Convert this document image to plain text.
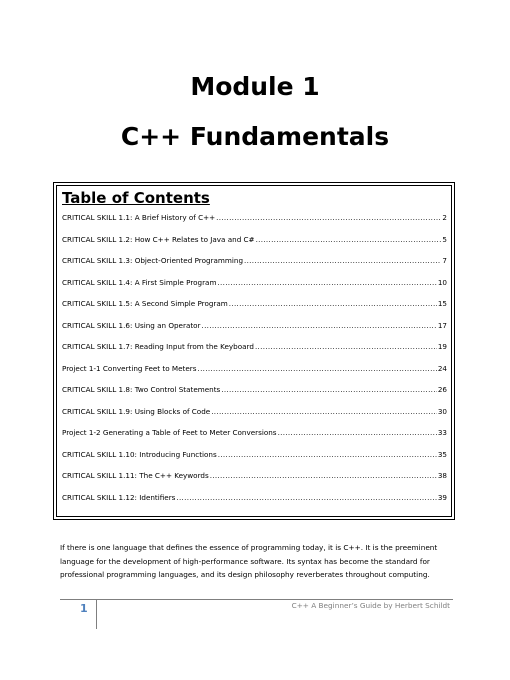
Module 1
C++ Fundamentals
Table of Contents
CRITICAL SKILL 1.1: A Brief History of C++ .....	2
CRITICAL SKILL 1.2: How C++ Relates to Java and C# .....	5
CRITICAL SKILL 1.3: Object-Oriented Programming .....	7
CRITICAL SKILL 1.4: A First Simple Program .....	10
CRITICAL SKILL 1.5: A Second Simple Program .....	15
CRITICAL SKILL 1.6: Using an Operator .....	17
CRITICAL SKILL 1.7: Reading Input from the Keyboard .....	19
Project 1-1 Converting Feet to Meters .....	24
CRITICAL SKILL 1.8: Two Control Statements .....	26
CRITICAL SKILL 1.9: Using Blocks of Code .....	30
Project 1-2 Generating a Table of Feet to Meter Conversions .....	33
CRITICAL SKILL 1.10: Introducing Functions .....	35
CRITICAL SKILL 1.11: The C++ Keywords .....	38
CRITICAL SKILL 1.12: Identifiers .....	39
If there is one language that defines the essence of programming today, it is C++. It is the preeminent
language for the development of high-performance software. Its syntax has become the standard for
professional programming languages, and its design philosophy reverberates throughout computing.
1	C++ A Beginner’s Guide by Herbert Schildt
